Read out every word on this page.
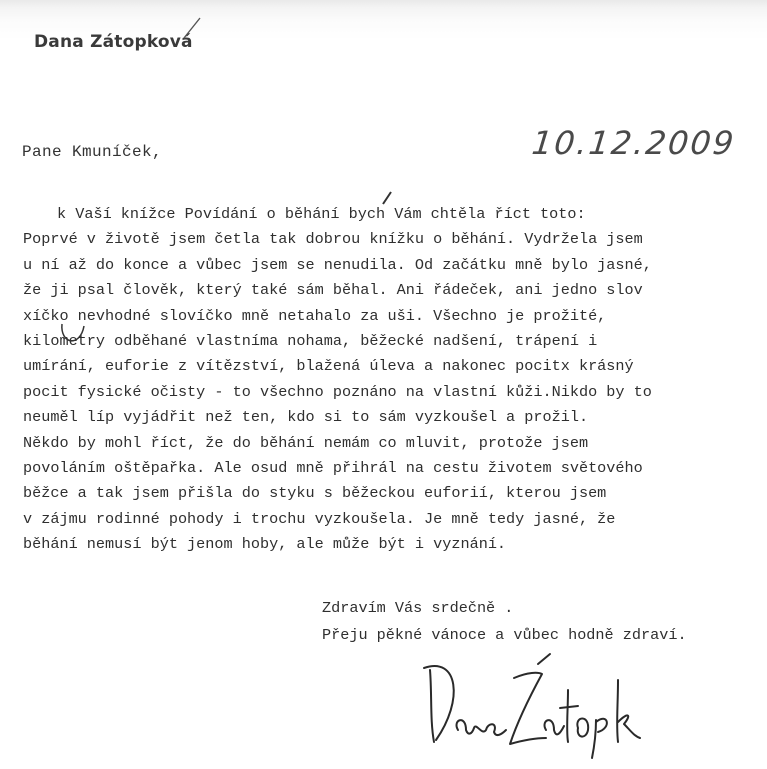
Dana Zátopková
Pane Kmuníček,	10.12.2009
k Vaší knížce Povídání o běhání bych Vám chtěla říct toto:
Poprvé v životě jsem četla tak dobrou knížku o běhání. Vydržela jsem
u ní až do konce a vůbec jsem se nenudila. Od začátku mně bylo jasné,
že ji psal člověk, který také sám běhal. Ani řádeček, ani jedno slov
xíčko nevhodné slovíčko mně netahalo za uši. Všechno je prožité,
kilometry odběhané vlastníma nohama, běžecké nadšení, trápení i
umírání, euforie z vítězství, blažená úleva a nakonec pocitx krásný
pocit fysické očisty - to všechno poznáno na vlastní kůži.Nikdo by to
neuměl líp vyjádřit než ten, kdo si to sám vyzkoušel a prožil.
Někdo by mohl říct, že do běhání nemám co mluvit, protože jsem
povoláním oštěpařka. Ale osud mně přihrál na cestu životem světového
běžce a tak jsem přišla do styku s běžeckou euforií, kterou jsem
v zájmu rodinné pohody i trochu vyzkoušela. Je mně tedy jasné, že
běhání nemusí být jenom hoby, ale může být i vyznání.
Zdravím Vás srdečně .
Přeju pěkné vánoce a vůbec hodně zdraví.
